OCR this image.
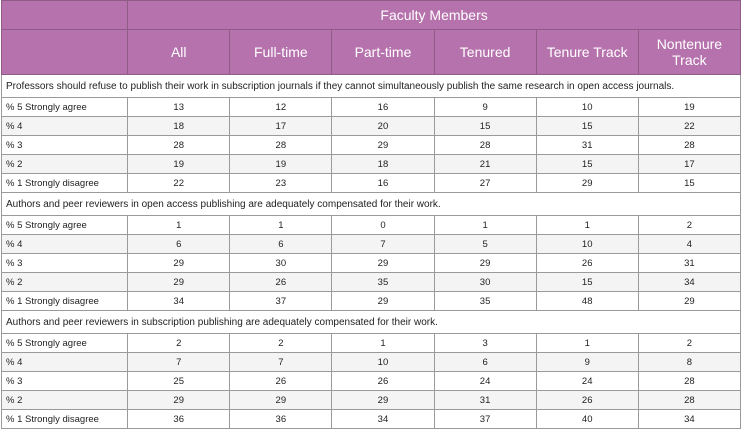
	Faculty Members					
	All	Full-time	Part-time	Tenured	Tenure Track	Nontenure Track
Professors should refuse to publish their work in subscription journals if they cannot simultaneously publish the same research in open access journals.						
% 5 Strongly agree	13	12	16	9	10	19
% 4	18	17	20	15	15	22
% 3	28	28	29	28	31	28
% 2	19	19	18	21	15	17
% 1 Strongly disagree	22	23	16	27	29	15
Authors and peer reviewers in open access publishing are adequately compensated for their work.						
% 5 Strongly agree	1	1	0	1	1	2
% 4	6	6	7	5	10	4
% 3	29	30	29	29	26	31
% 2	29	26	35	30	15	34
% 1 Strongly disagree	34	37	29	35	48	29
Authors and peer reviewers in subscription publishing are adequately compensated for their work.						
% 5 Strongly agree	2	2	1	3	1	2
% 4	7	7	10	6	9	8
% 3	25	26	26	24	24	28
% 2	29	29	29	31	26	28
% 1 Strongly disagree	36	36	34	37	40	34
